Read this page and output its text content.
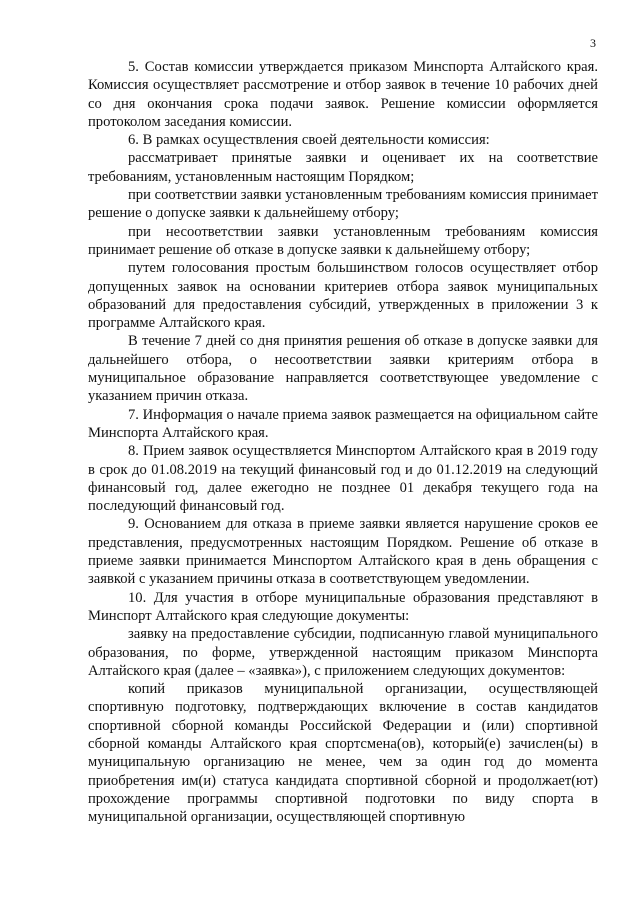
3

5. Состав комиссии утверждается приказом Минспорта Алтайского края. Комиссия осуществляет рассмотрение и отбор заявок в течение 10 рабочих дней со дня окончания срока подачи заявок. Решение комиссии оформляется протоколом заседания комиссии.

6. В рамках осуществления своей деятельности комиссия:

рассматривает принятые заявки и оценивает их на соответствие требованиям, установленным настоящим Порядком;

при соответствии заявки установленным требованиям комиссия принимает решение о допуске заявки к дальнейшему отбору;

при несоответствии заявки установленным требованиям комиссия принимает решение об отказе в допуске заявки к дальнейшему отбору;

путем голосования простым большинством голосов осуществляет отбор допущенных заявок на основании критериев отбора заявок муниципальных образований для предоставления субсидий, утвержденных в приложении 3 к программе Алтайского края.

В течение 7 дней со дня принятия решения об отказе в допуске заявки для дальнейшего отбора, о несоответствии заявки критериям отбора в муниципальное образование направляется соответствующее уведомление с указанием причин отказа.

7. Информация о начале приема заявок размещается на официальном сайте Минспорта Алтайского края.

8. Прием заявок осуществляется Минспортом Алтайского края в 2019 году в срок до 01.08.2019 на текущий финансовый год и до 01.12.2019 на следующий финансовый год, далее ежегодно не позднее 01 декабря текущего года на последующий финансовый год.

9. Основанием для отказа в приеме заявки является нарушение сроков ее представления, предусмотренных настоящим Порядком. Решение об отказе в приеме заявки принимается Минспортом Алтайского края в день обращения с заявкой с указанием причины отказа в соответствующем уведомлении.

10. Для участия в отборе муниципальные образования представляют в Минспорт Алтайского края следующие документы:

заявку на предоставление субсидии, подписанную главой муниципального образования, по форме, утвержденной настоящим приказом Минспорта Алтайского края (далее – «заявка»), с приложением следующих документов:

копий приказов муниципальной организации, осуществляющей спортивную подготовку, подтверждающих включение в состав кандидатов спортивной сборной команды Российской Федерации и (или) спортивной сборной команды Алтайского края спортсмена(ов), который(е) зачислен(ы) в муниципальную организацию не менее, чем за один год до момента приобретения им(и) статуса кандидата спортивной сборной и продолжает(ют) прохождение программы спортивной подготовки по виду спорта в муниципальной организации, осуществляющей спортивную
